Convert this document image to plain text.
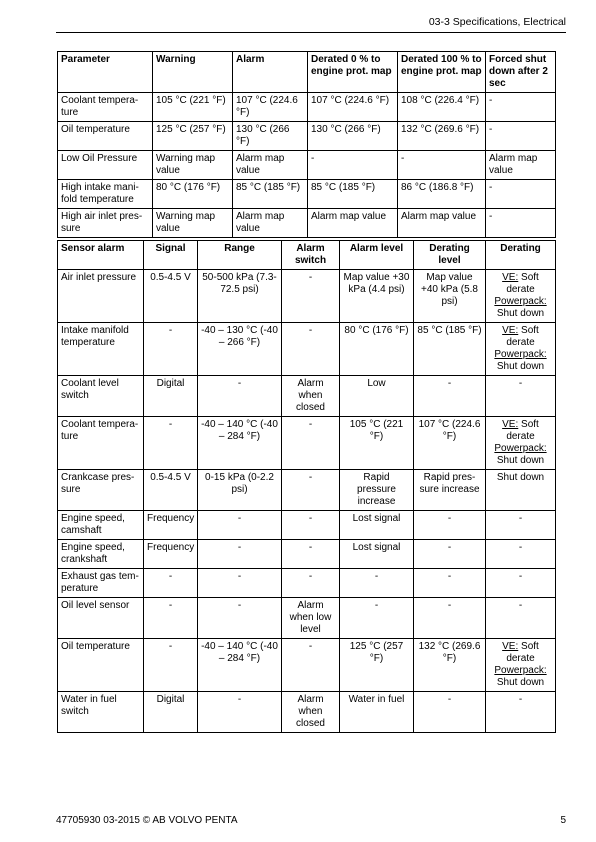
03-3 Specifications, Electrical
Parameter	Warning	Alarm	Derated 0 % to engine prot. map	Derated 100 % to engine prot. map	Forced shut down after 2 sec
Coolant tempera-ture	105 °C (221 °F)	107 °C (224.6 °F)	107 °C (224.6 °F)	108 °C (226.4 °F)	-
Oil temperature	125 °C (257 °F)	130 °C (266 °F)	130 °C (266 °F)	132 °C (269.6 °F)	-
Low Oil Pressure	Warning map value	Alarm map value	-	-	Alarm map value
High intake mani-fold temperature	80 °C (176 °F)	85 °C (185 °F)	85 °C (185 °F)	86 °C (186.8 °F)	-
High air inlet pres-sure	Warning map value	Alarm map value	Alarm map value	Alarm map value	-
Sensor alarm	Signal	Range	Alarm switch	Alarm level	Derating level	Derating
Air inlet pressure	0.5-4.5 V	50-500 kPa (7.3-72.5 psi)	-	Map value +30 kPa (4.4 psi)	Map value +40 kPa (5.8 psi)	VE: Soft derate
Powerpack:
Shut down
Intake manifold temperature	-	-40 – 130 °C (-40 – 266 °F)	-	80 °C (176 °F)	85 °C (185 °F)	VE: Soft derate
Powerpack:
Shut down
Coolant level switch	Digital	-	Alarm when closed	Low	-	-
Coolant tempera-ture	-	-40 – 140 °C (-40 – 284 °F)	-	105 °C (221 °F)	107 °C (224.6 °F)	VE: Soft derate
Powerpack:
Shut down
Crankcase pres-sure	0.5-4.5 V	0-15 kPa (0-2.2 psi)	-	Rapid pressure increase	Rapid pres-sure increase	Shut down
Engine speed, camshaft	Frequency	-	-	Lost signal	-	-
Engine speed, crankshaft	Frequency	-	-	Lost signal	-	-
Exhaust gas tem-perature	-	-	-	-	-	-
Oil level sensor	-	-	Alarm when low level	-	-	-
Oil temperature	-	-40 – 140 °C (-40 – 284 °F)	-	125 °C (257 °F)	132 °C (269.6 °F)	VE: Soft derate
Powerpack:
Shut down
Water in fuel switch	Digital	-	Alarm when closed	Water in fuel	-	-
47705930 03-2015 © AB VOLVO PENTA	5
